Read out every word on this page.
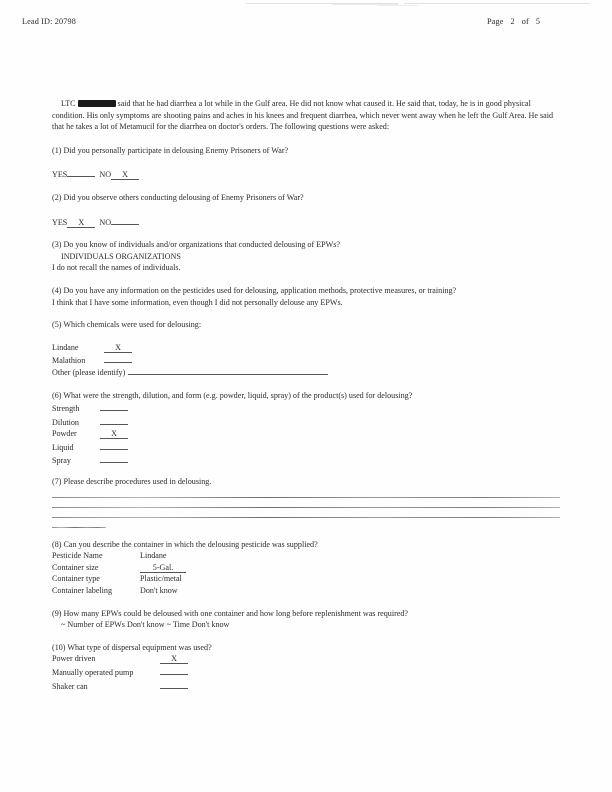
Lead ID: 20798	Page 2 of 5

LTC	said that he had diarrhea a lot while in the Gulf area. He did not know what caused it. He said that, today, he is in good physical condition. His only symptoms are shooting pains and aches in his knees and frequent diarrhea, which never went away when he left the Gulf Area. He said that he takes a lot of Metamucil for the diarrhea on doctor's orders. The following questions were asked:

(1) Did you personally participate in delousing Enemy Prisoners of War?

YES	NO X

(2) Did you observe others conducting delousing of Enemy Prisoners of War?

YES X NO

(3) Do you know of individuals and/or organizations that conducted delousing of EPWs?

INDIVIDUALS ORGANIZATIONS

I do not recall the names of individuals.

(4) Do you have any information on the pesticides used for delousing, application methods, protective measures, or training?

I think that I have some information, even though I did not personally delouse any EPWs.

(5) Which chemicals were used for delousing:

Lindane	X
Malathion
Other (please identify)

(6) What were the strength, dilution, and form (e.g. powder, liquid, spray) of the product(s) used for delousing?

Strength
Dilution
Powder	X
Liquid
Spray

(7) Please describe procedures used in delousing.

(8) Can you describe the container in which the delousing pesticide was supplied?

Pesticide Name	Lindane
Container size	5-Gal.
Container type	Plastic/metal
Container labeling	Don't know

(9) How many EPWs could be deloused with one container and how long before replenishment was required?

~ Number of EPWs Don't know ~ Time Don't know

(10) What type of dispersal equipment was used?

Power driven	X
Manually operated pump
Shaker can
